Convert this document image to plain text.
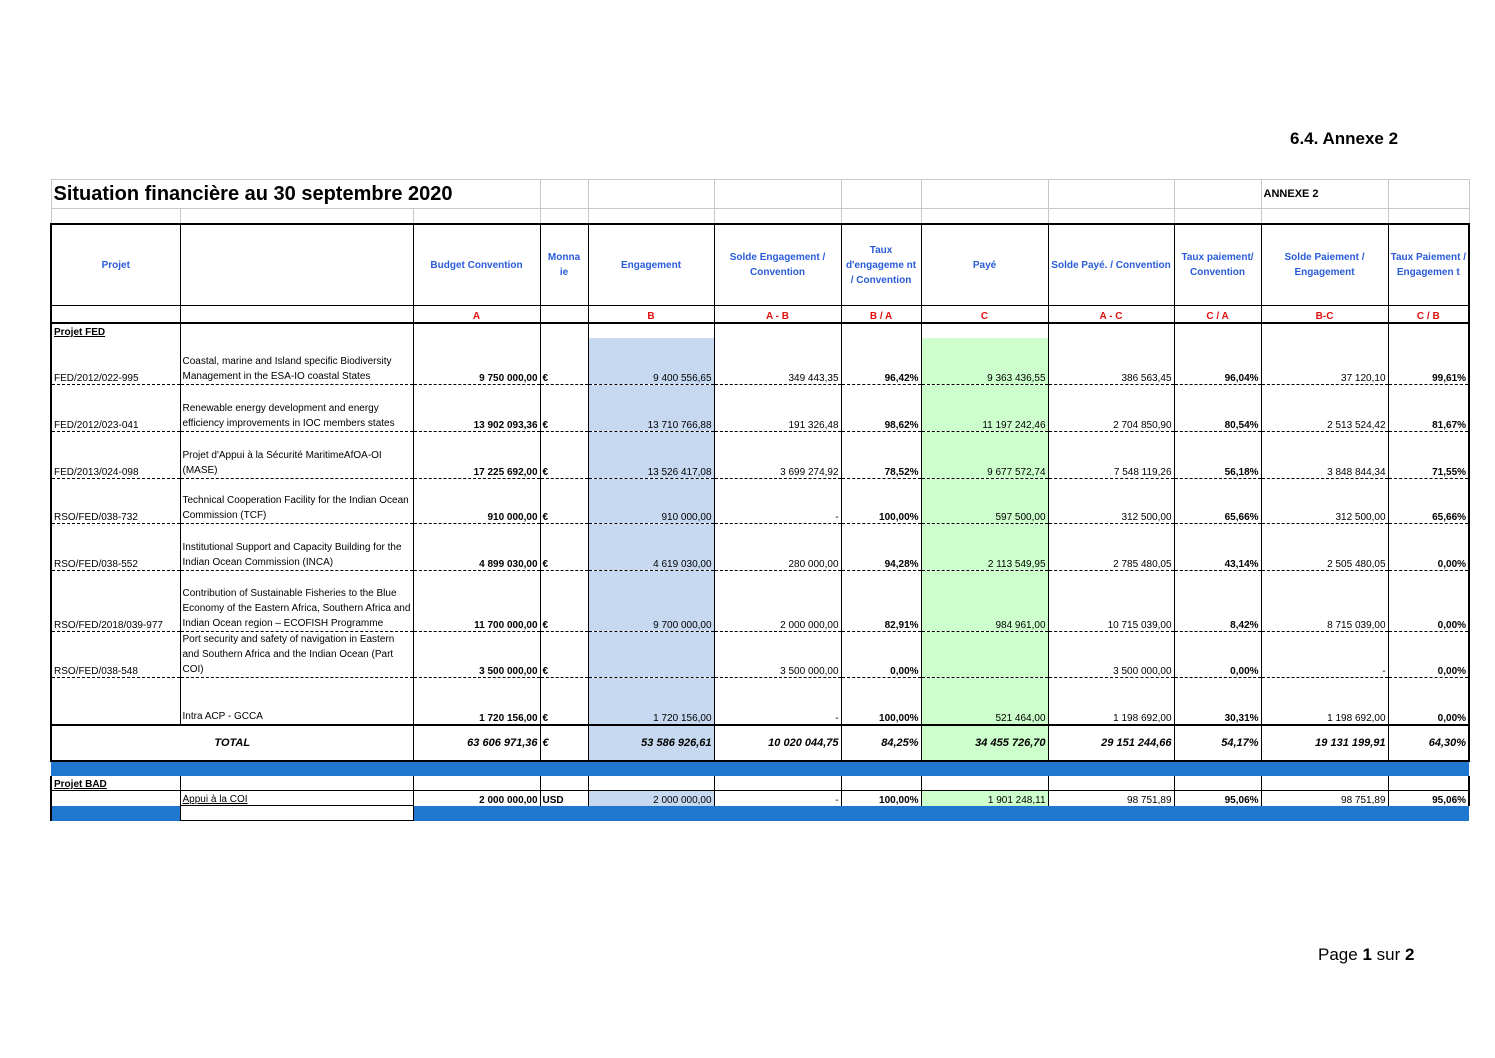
6.4. Annexe 2
Situation financière au 30 septembre 2020										ANNEXE 2	

Projet		Budget Convention	Monna ie	Engagement	Solde Engagement / Convention	Taux d'engageme nt / Convention	Payé	Solde Payé. / Convention	Taux paiement/ Convention	Solde Paiement / Engagement	Taux Paiement / Engagemen t
		A		B	A - B	B / A	C	A - C	C / A	B-C	C / B
Projet FED											
FED/2012/022-995	Coastal, marine and Island specific Biodiversity Management in the ESA-IO coastal States	9 750 000,00	€	9 400 556,65	349 443,35	96,42%	9 363 436,55	386 563,45	96,04%	37 120,10	99,61%
FED/2012/023-041	Renewable energy development and energy efficiency improvements in IOC members states	13 902 093,36	€	13 710 766,88	191 326,48	98,62%	11 197 242,46	2 704 850,90	80,54%	2 513 524,42	81,67%
FED/2013/024-098	Projet d'Appui à la Sécurité MaritimeAfOA-OI (MASE)	17 225 692,00	€	13 526 417,08	3 699 274,92	78,52%	9 677 572,74	7 548 119,26	56,18%	3 848 844,34	71,55%
RSO/FED/038-732	Technical Cooperation Facility for the Indian Ocean Commission (TCF)	910 000,00	€	910 000,00	-	100,00%	597 500,00	312 500,00	65,66%	312 500,00	65,66%
RSO/FED/038-552	Institutional Support and Capacity Building for the Indian Ocean Commission (INCA)	4 899 030,00	€	4 619 030,00	280 000,00	94,28%	2 113 549,95	2 785 480,05	43,14%	2 505 480,05	0,00%
RSO/FED/2018/039-977	Contribution of Sustainable Fisheries to the Blue Economy of the Eastern Africa, Southern Africa and Indian Ocean region – ECOFISH Programme	11 700 000,00	€	9 700 000,00	2 000 000,00	82,91%	984 961,00	10 715 039,00	8,42%	8 715 039,00	0,00%
RSO/FED/038-548	Port security and safety of navigation in Eastern and Southern Africa and the Indian Ocean (Part COI)	3 500 000,00	€		3 500 000,00	0,00%		3 500 000,00	0,00%	-	0,00%
	Intra ACP - GCCA	1 720 156,00	€	1 720 156,00	-	100,00%	521 464,00	1 198 692,00	30,31%	1 198 692,00	0,00%
TOTAL		63 606 971,36	€	53 586 926,61	10 020 044,75	84,25%	34 455 726,70	29 151 244,66	54,17%	19 131 199,91	64,30%

Projet BAD											
	Appui à la COI	2 000 000,00	USD	2 000 000,00	-	100,00%	1 901 248,11	98 751,89	95,06%	98 751,89	95,06%

Page 1 sur 2
